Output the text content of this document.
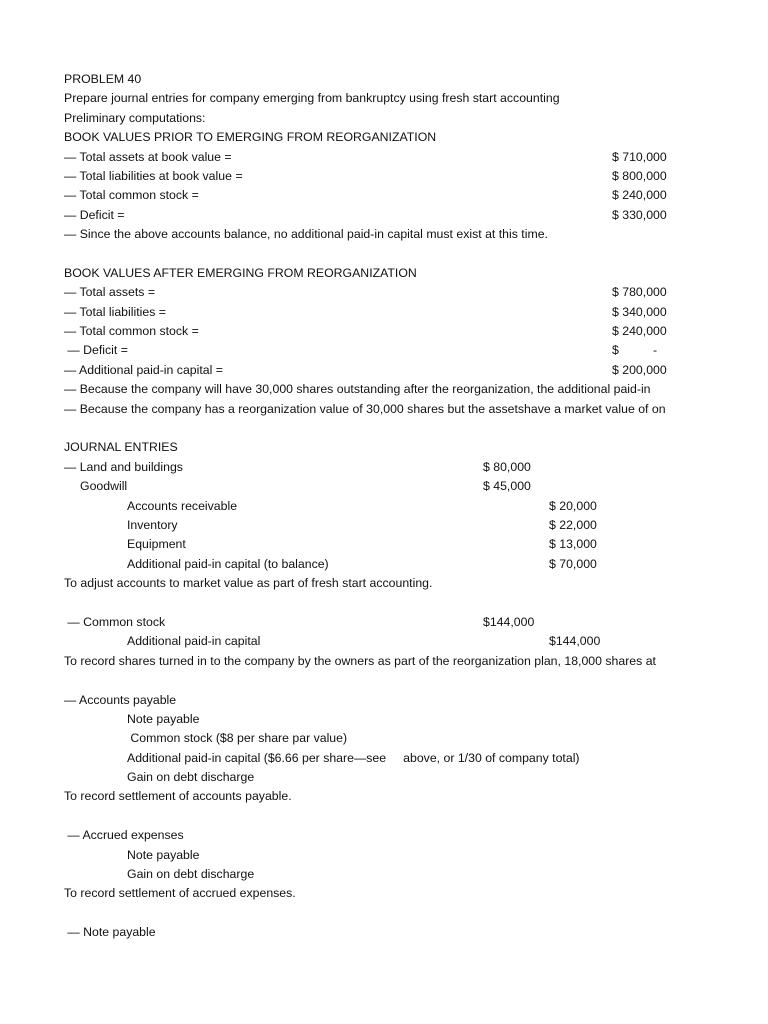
PROBLEM 40
Prepare journal entries for company emerging from bankruptcy using fresh start accounting
Preliminary computations:
BOOK VALUES PRIOR TO EMERGING FROM REORGANIZATION
— Total assets at book value =	$ 710,000
— Total liabilities at book value =	$ 800,000
— Total common stock =	$ 240,000
— Deficit =	$ 330,000
— Since the above accounts balance, no additional paid-in capital must exist at this time.
BOOK VALUES AFTER EMERGING FROM REORGANIZATION
— Total assets =	$ 780,000
— Total liabilities =	$ 340,000
— Total common stock =	$ 240,000
— Deficit =	$          -
— Additional paid-in capital =	$ 200,000
— Because the company will have 30,000 shares outstanding after the reorganization, the additional paid-in
— Because the company has a reorganization value of 30,000 shares but the assetshave a market value of on
JOURNAL ENTRIES
— Land and buildings	$ 80,000
Goodwill	$ 45,000
Accounts receivable	$ 20,000
Inventory	$ 22,000
Equipment	$ 13,000
Additional paid-in capital (to balance)	$ 70,000
To adjust accounts to market value as part of fresh start accounting.
— Common stock	$144,000
Additional paid-in capital	$144,000
To record shares turned in to the company by the owners as part of the reorganization plan, 18,000 shares at
— Accounts payable
Note payable
Common stock ($8 per share par value)
Additional paid-in capital ($6.66 per share—see     above, or 1/30 of company total)
Gain on debt discharge
To record settlement of accounts payable.
— Accrued expenses
Note payable
Gain on debt discharge
To record settlement of accrued expenses.
— Note payable
